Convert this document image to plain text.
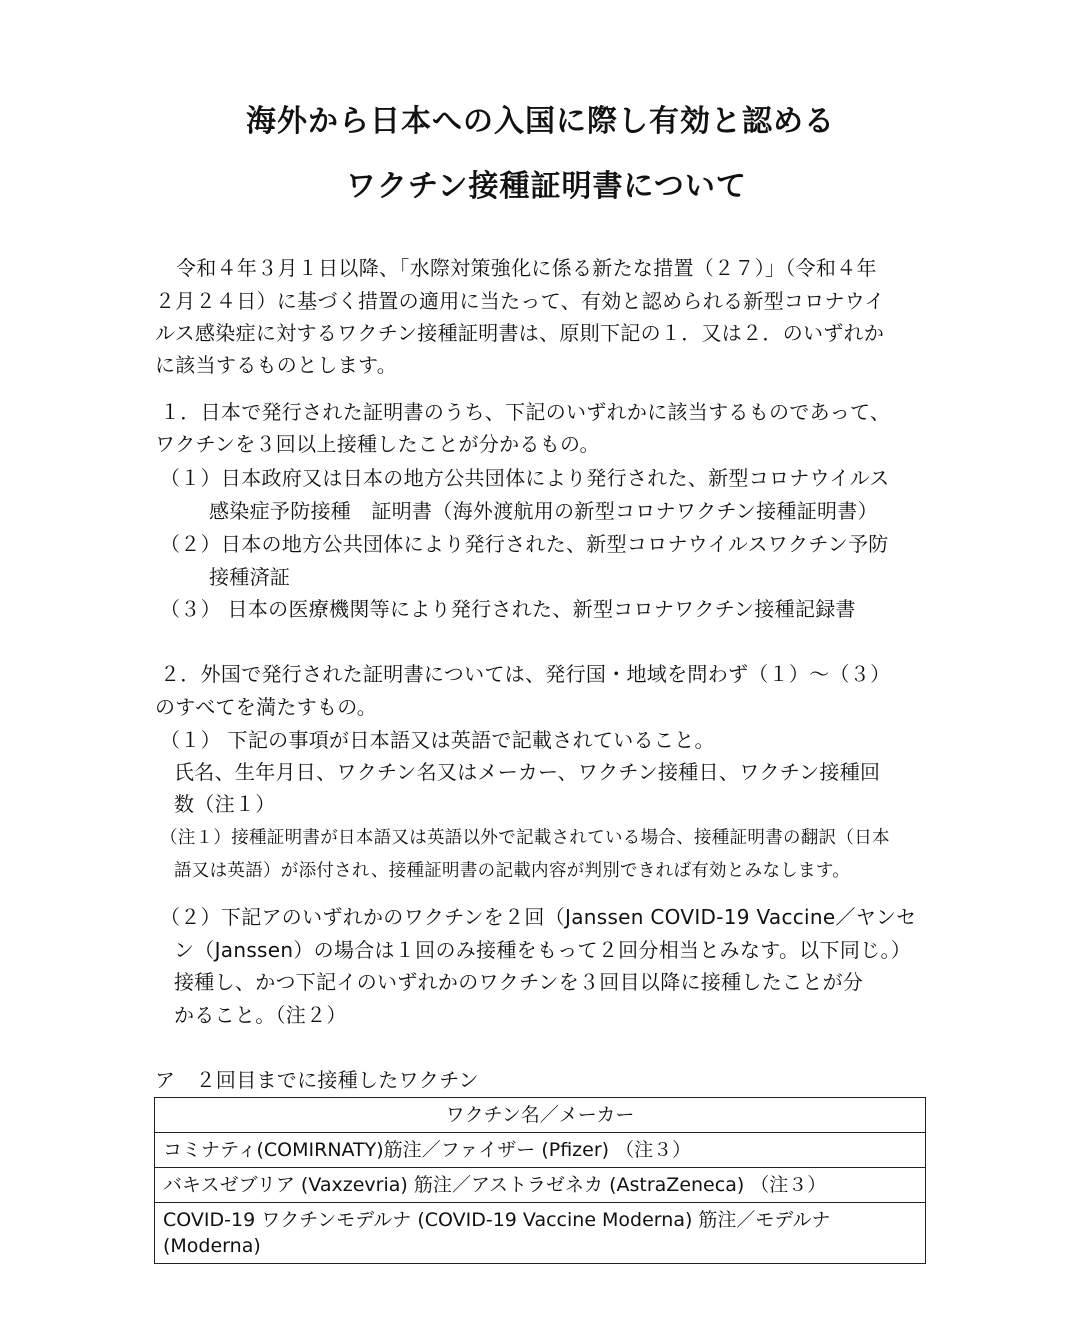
海外から日本への入国に際し有効と認める
ワクチン接種証明書について
令和４年３月１日以降、「水際対策強化に係る新たな措置（２７）」（令和４年
２月２４日）に基づく措置の適用に当たって、有効と認められる新型コロナウイ
ルス感染症に対するワクチン接種証明書は、原則下記の１．又は２．のいずれか
に該当するものとします。
１．日本で発行された証明書のうち、下記のいずれかに該当するものであって、
ワクチンを３回以上接種したことが分かるもの。
（１）日本政府又は日本の地方公共団体により発行された、新型コロナウイルス
感染症予防接種　証明書（海外渡航用の新型コロナワクチン接種証明書）
（２）日本の地方公共団体により発行された、新型コロナウイルスワクチン予防
接種済証
（３） 日本の医療機関等により発行された、新型コロナワクチン接種記録書
２．外国で発行された証明書については、発行国・地域を問わず（１）～（３）
のすべてを満たすもの。
（１） 下記の事項が日本語又は英語で記載されていること。
氏名、生年月日、ワクチン名又はメーカー、ワクチン接種日、ワクチン接種回
数（注１）
（注１）接種証明書が日本語又は英語以外で記載されている場合、接種証明書の翻訳（日本
語又は英語）が添付され、接種証明書の記載内容が判別できれば有効とみなします。
（２）下記アのいずれかのワクチンを２回（Janssen COVID-19 Vaccine／ヤンセ
ン（Janssen）の場合は１回のみ接種をもって２回分相当とみなす。以下同じ。）
接種し、かつ下記イのいずれかのワクチンを３回目以降に接種したことが分
かること。（注２）
ア　２回目までに接種したワクチン
ワクチン名／メーカー
コミナティ(COMIRNATY)筋注／ファイザー (Pfizer) （注３）
バキスゼブリア (Vaxzevria) 筋注／アストラゼネカ (AstraZeneca) （注３）
COVID-19 ワクチンモデルナ (COVID-19 Vaccine Moderna) 筋注／モデルナ (Moderna)
